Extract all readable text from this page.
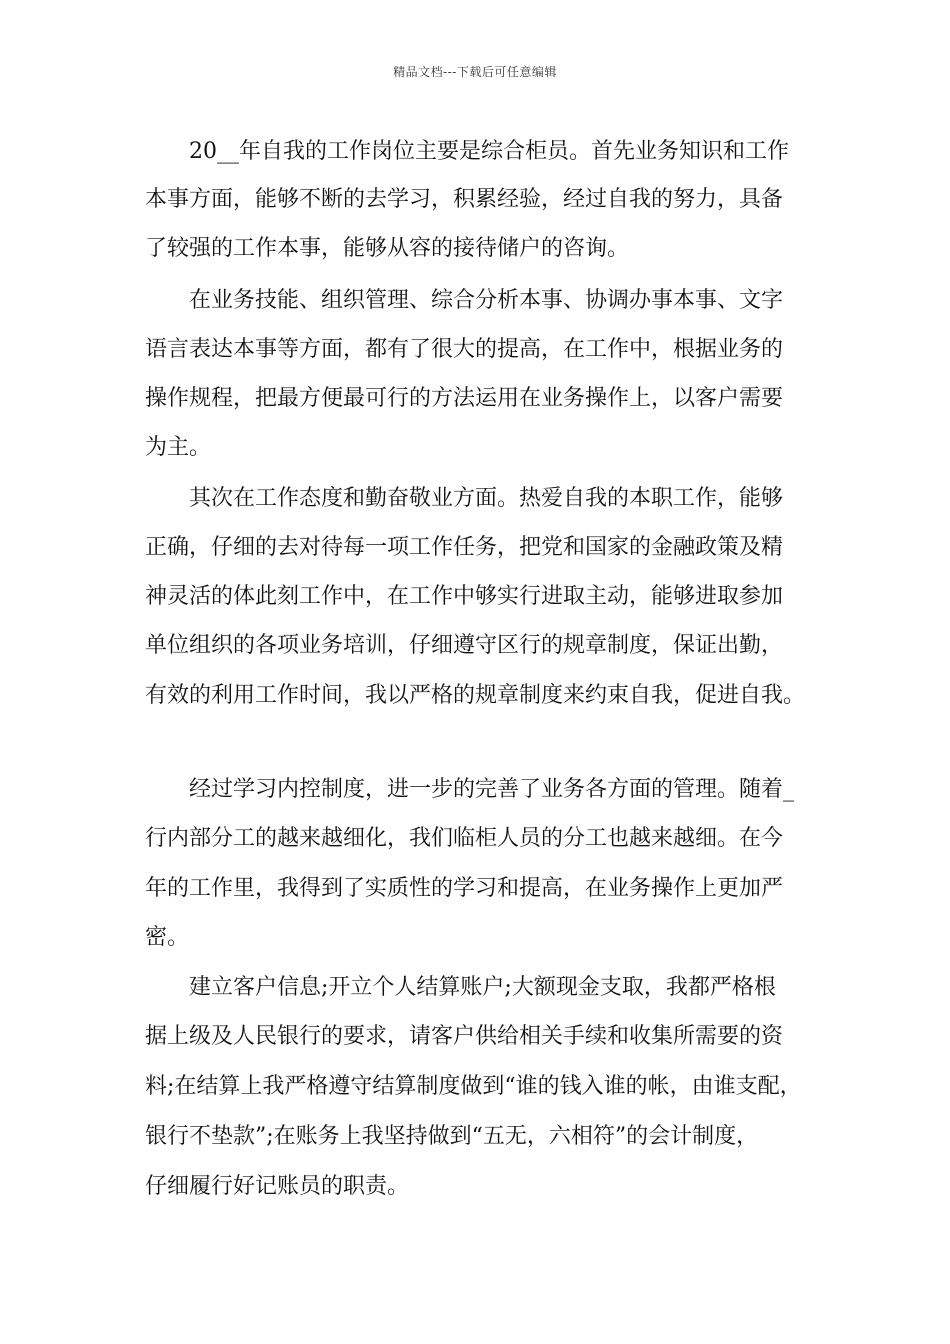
精品文档---下载后可任意编辑
20__年自我的工作岗位主要是综合柜员。首先业务知识和工作
本事方面，能够不断的去学习，积累经验，经过自我的努力，具备
了较强的工作本事，能够从容的接待储户的咨询。
在业务技能、组织管理、综合分析本事、协调办事本事、文字
语言表达本事等方面，都有了很大的提高，在工作中，根据业务的
操作规程，把最方便最可行的方法运用在业务操作上，以客户需要
为主。
其次在工作态度和勤奋敬业方面。热爱自我的本职工作，能够
正确，仔细的去对待每一项工作任务，把党和国家的金融政策及精
神灵活的体此刻工作中，在工作中够实行进取主动，能够进取参加
单位组织的各项业务培训，仔细遵守区行的规章制度，保证出勤，
有效的利用工作时间，我以严格的规章制度来约束自我，促进自我。
经过学习内控制度，进一步的完善了业务各方面的管理。随着_
行内部分工的越来越细化，我们临柜人员的分工也越来越细。在今
年的工作里，我得到了实质性的学习和提高，在业务操作上更加严
密。
建立客户信息;开立个人结算账户;大额现金支取，我都严格根
据上级及人民银行的要求，请客户供给相关手续和收集所需要的资
料;在结算上我严格遵守结算制度做到“谁的钱入谁的帐，由谁支配，
银行不垫款”;在账务上我坚持做到“五无，六相符”的会计制度，
仔细履行好记账员的职责。
